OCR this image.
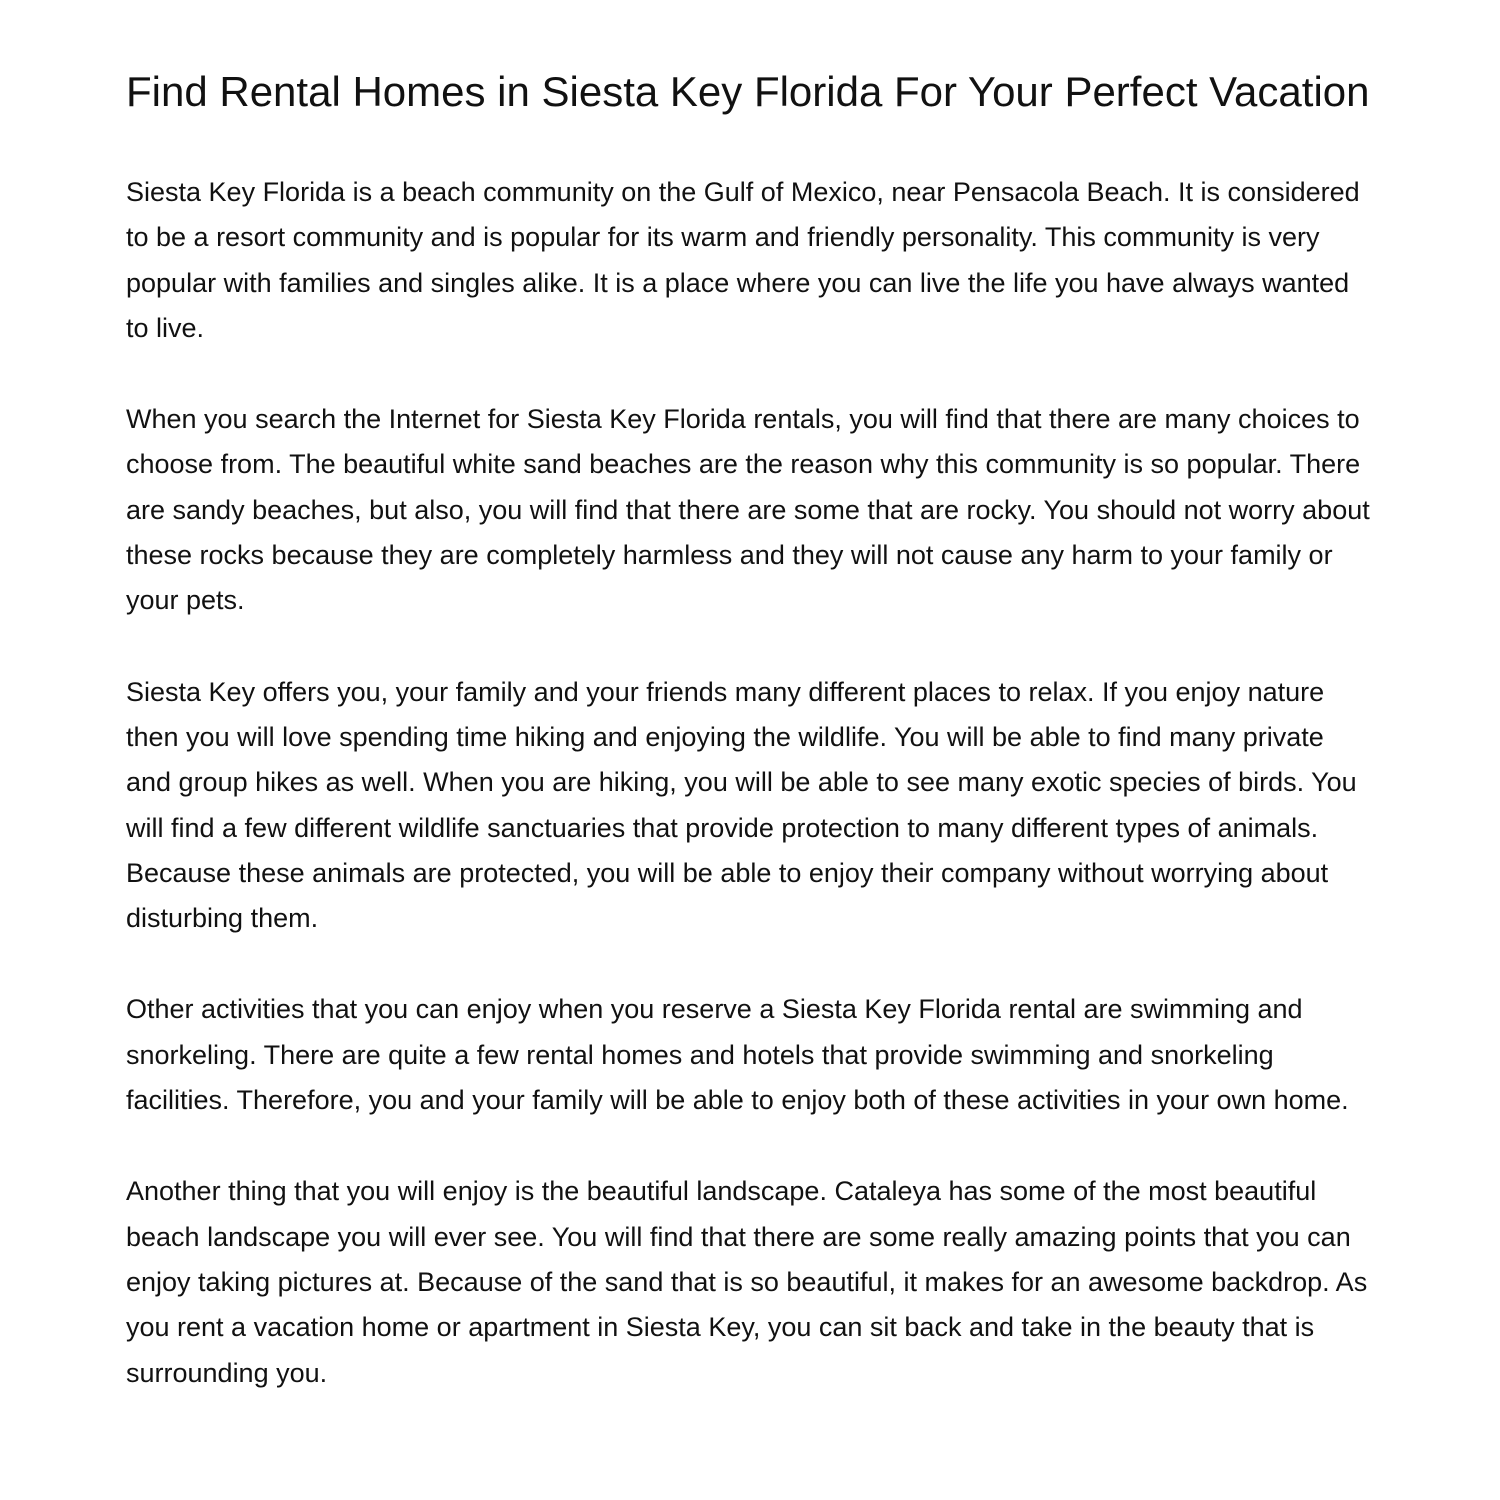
Find Rental Homes in Siesta Key Florida For Your Perfect Vacation

Siesta Key Florida is a beach community on the Gulf of Mexico, near Pensacola Beach. It is considered to be a resort community and is popular for its warm and friendly personality. This community is very popular with families and singles alike. It is a place where you can live the life you have always wanted to live.

When you search the Internet for Siesta Key Florida rentals, you will find that there are many choices to choose from. The beautiful white sand beaches are the reason why this community is so popular. There are sandy beaches, but also, you will find that there are some that are rocky. You should not worry about these rocks because they are completely harmless and they will not cause any harm to your family or your pets.

Siesta Key offers you, your family and your friends many different places to relax. If you enjoy nature then you will love spending time hiking and enjoying the wildlife. You will be able to find many private and group hikes as well. When you are hiking, you will be able to see many exotic species of birds. You will find a few different wildlife sanctuaries that provide protection to many different types of animals. Because these animals are protected, you will be able to enjoy their company without worrying about disturbing them.

Other activities that you can enjoy when you reserve a Siesta Key Florida rental are swimming and snorkeling. There are quite a few rental homes and hotels that provide swimming and snorkeling facilities. Therefore, you and your family will be able to enjoy both of these activities in your own home.

Another thing that you will enjoy is the beautiful landscape. Cataleya has some of the most beautiful beach landscape you will ever see. You will find that there are some really amazing points that you can enjoy taking pictures at. Because of the sand that is so beautiful, it makes for an awesome backdrop. As you rent a vacation home or apartment in Siesta Key, you can sit back and take in the beauty that is surrounding you.
